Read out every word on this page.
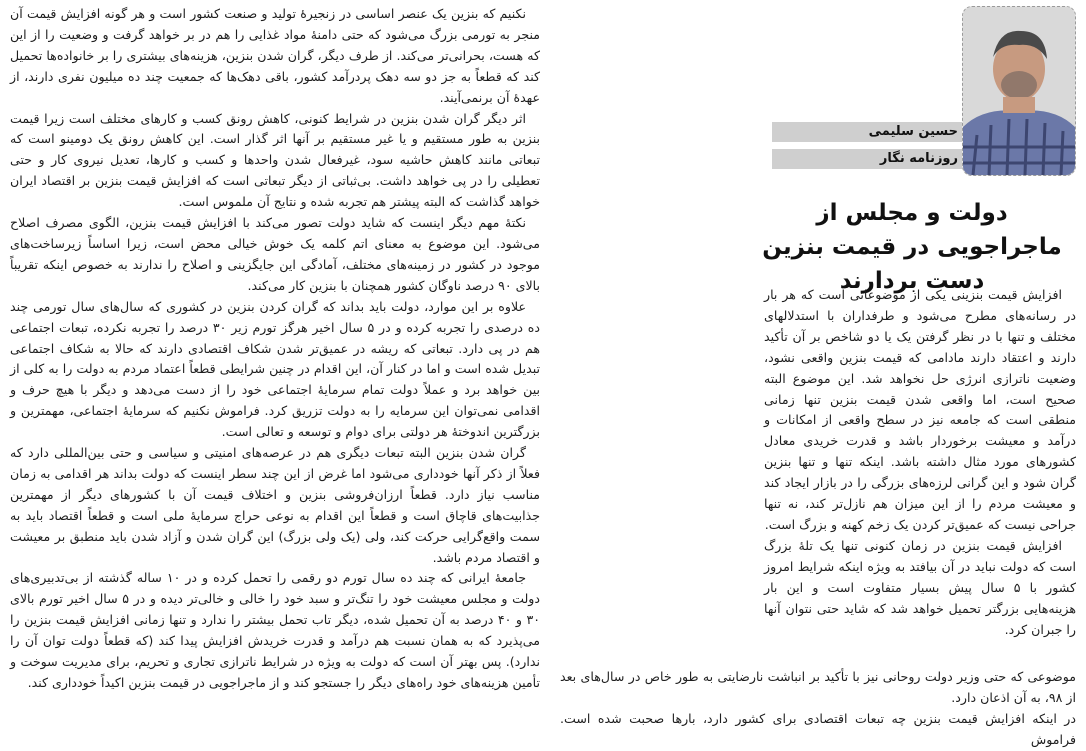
نکنیم که بنزین یک عنصر اساسی در زنجیرهٔ تولید و صنعت کشور است و هر گونه افزایش قیمت آن منجر به تورمی بزرگ می‌شود که حتی دامنهٔ مواد غذایی را هم در بر خواهد گرفت و وضعیت را از این که هست، بحرانی‌تر می‌کند. از طرف دیگر، گران شدن بنزین، هزینه‌های بیشتری را بر خانواده‌ها تحمیل کند که قطعاً به جز دو سه دهک پردرآمد کشور، باقی دهک‌ها که جمعیت چند ده میلیون نفری دارند، از عهدهٔ آن برنمی‌آیند.

اثر دیگر گران شدن بنزین در شرایط کنونی، کاهش رونق کسب و کارهای مختلف است زیرا قیمت بنزین به طور مستقیم و یا غیر مستقیم بر آنها اثر گذار است. این کاهش رونق یک دومینو است که تبعاتی مانند کاهش حاشیه سود، غیرفعال شدن واحدها و کسب و کارها، تعدیل نیروی کار و حتی تعطیلی را در پی خواهد داشت. بی‌ثباتی از دیگر تبعاتی است که افزایش قیمت بنزین بر اقتصاد ایران خواهد گذاشت که البته پیشتر هم تجربه شده و نتایج آن ملموس است.

نکتهٔ مهم دیگر اینست که شاید دولت تصور می‌کند با افزایش قیمت بنزین، الگوی مصرف اصلاح می‌شود. این موضوع به معنای اتم کلمه یک خوش خیالی محض است، زیرا اساساً زیرساخت‌های موجود در کشور در زمینه‌های مختلف، آمادگی این جایگزینی و اصلاح را ندارند به خصوص اینکه تقریباً بالای ۹۰ درصد ناوگان کشور همچنان با بنزین کار می‌کند.

علاوه بر این موارد، دولت باید بداند که گران کردن بنزین در کشوری که سال‌های سال تورمی چند ده درصدی را تجربه کرده و در ۵ سال اخیر هرگز تورم زیر ۳۰ درصد را تجربه نکرده، تبعات اجتماعی هم در پی دارد. تبعاتی که ریشه در عمیق‌تر شدن شکاف اقتصادی دارند که حالا به شکاف اجتماعی تبدیل شده است و اما در کنار آن، این اقدام در چنین شرایطی قطعاً اعتماد مردم به دولت را به کلی از بین خواهد برد و عملاً دولت تمام سرمایهٔ اجتماعی خود را از دست می‌دهد و دیگر با هیچ حرف و اقدامی نمی‌توان این سرمایه را به دولت تزریق کرد. فراموش نکنیم که سرمایهٔ اجتماعی، مهمترین و بزرگترین اندوختهٔ هر دولتی برای دوام و توسعه و تعالی است.

گران شدن بنزین البته تبعات دیگری هم در عرصه‌های امنیتی و سیاسی و حتی بین‌المللی دارد که فعلاً از ذکر آنها خودداری می‌شود اما غرض از این چند سطر اینست که دولت بداند هر اقدامی به زمان مناسب نیاز دارد. قطعاً ارزان‌فروشی بنزین و اختلاف قیمت آن با کشورهای دیگر از مهمترین جذابیت‌های قاچاق است و قطعاً این اقدام به نوعی حراج سرمایهٔ ملی است و قطعاً اقتصاد باید به سمت واقع‌گرایی حرکت کند، ولی (یک ولی بزرگ) این گران شدن و آزاد شدن باید منطبق بر معیشت و اقتصاد مردم باشد.

جامعهٔ ایرانی که چند ده سال تورم دو رقمی را تحمل کرده و در ۱۰ ساله گذشته از بی‌تدبیری‌های دولت و مجلس معیشت خود را تنگ‌تر و سبد خود را خالی و خالی‌تر دیده و در ۵ سال اخیر تورم بالای ۳۰ و ۴۰ درصد به آن تحمیل شده، دیگر تاب تحمل بیشتر را ندارد و تنها زمانی افزایش قیمت بنزین را می‌پذیرد که به همان نسبت هم درآمد و قدرت خریدش افزایش پیدا کند (که قطعاً دولت توان آن را ندارد). پس بهتر آن است که دولت به ویژه در شرایط ناترازی تجاری و تحریم، برای مدیریت سوخت و تأمین هزینه‌های خود راه‌های دیگر را جستجو کند و از ماجراجویی در قیمت بنزین اکیداً خودداری کند.

حسین سلیمی
روزنامه نگار
دولت و مجلس از ماجراجویی در قیمت بنزین دست بردارند

افزایش قیمت بنزینی یکی از موضوعاتی است که هر بار در رسانه‌های مطرح می‌شود و طرفداران با استدلالهای مختلف و تنها با در نظر گرفتن یک یا دو شاخص بر آن تأکید دارند و اعتقاد دارند مادامی که قیمت بنزین واقعی نشود، وضعیت ناترازی انرژی حل نخواهد شد. این موضوع البته صحیح است، اما واقعی شدن قیمت بنزین تنها زمانی منطقی است که جامعه نیز در سطح واقعی از امکانات و درآمد و معیشت برخوردار باشد و قدرت خریدی معادل کشورهای مورد مثال داشته باشد. اینکه تنها و تنها بنزین گران شود و این گرانی لرزه‌های بزرگی را در بازار ایجاد کند و معیشت مردم را از این میزان هم نازل‌تر کند، نه تنها جراحی نیست که عمیق‌تر کردن یک زخم کهنه و بزرگ است.

افزایش قیمت بنزین در زمان کنونی تنها یک تلهٔ بزرگ است که دولت نباید در آن بیافتد به ویژه اینکه شرایط امروز کشور با ۵ سال پیش بسیار متفاوت است و این بار هزینه‌هایی بزرگتر تحمیل خواهد شد که شاید حتی نتوان آنها را جبران کرد.

موضوعی که حتی وزیر دولت روحانی نیز با تأکید بر انباشت نارضایتی به طور خاص در سال‌های بعد از ۹۸، به آن اذعان دارد.

در اینکه افزایش قیمت بنزین چه تبعات اقتصادی برای کشور دارد، بارها صحبت شده است. فراموش
